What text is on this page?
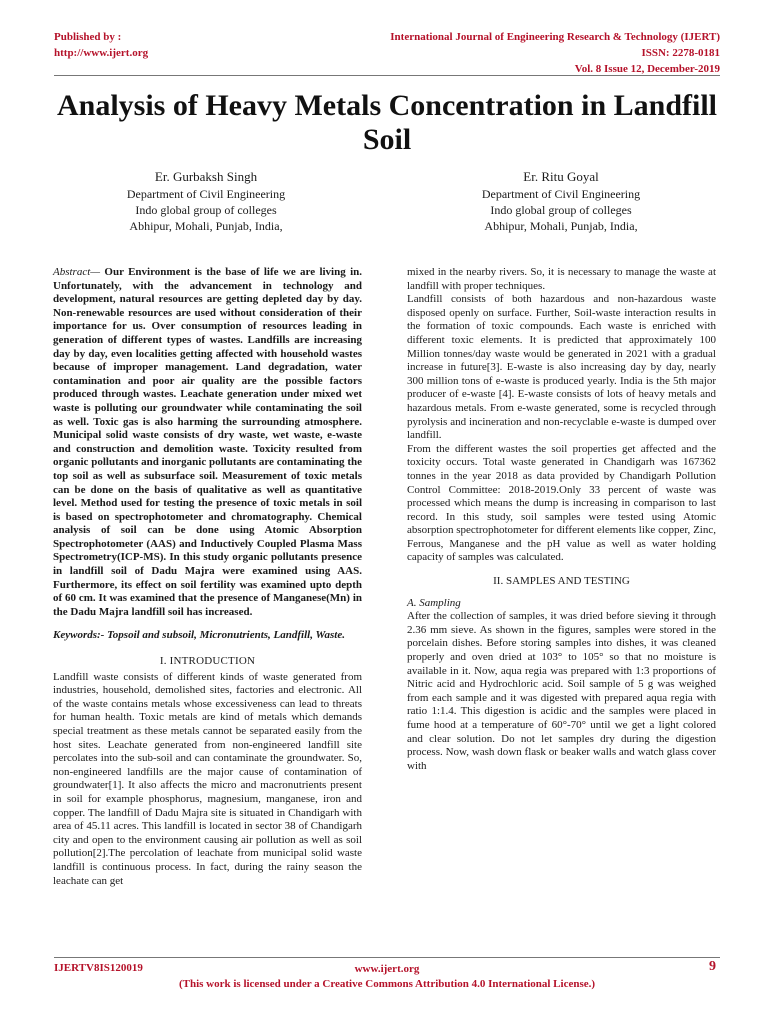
Published by :
http://www.ijert.org
International Journal of Engineering Research & Technology (IJERT)
ISSN: 2278-0181
Vol. 8 Issue 12, December-2019
Analysis of Heavy Metals Concentration in Landfill Soil
Er. Gurbaksh Singh
Department of Civil Engineering
Indo global group of colleges
Abhipur, Mohali, Punjab, India,
Er. Ritu Goyal
Department of Civil Engineering
Indo global group of colleges
Abhipur, Mohali, Punjab, India,

Abstract— Our Environment is the base of life we are living in. Unfortunately, with the advancement in technology and development, natural resources are getting depleted day by day. Non-renewable resources are used without consideration of their importance for us. Over consumption of resources leading in generation of different types of wastes. Landfills are increasing day by day, even localities getting affected with household wastes because of improper management. Land degradation, water contamination and poor air quality are the possible factors produced through wastes. Leachate generation under mixed wet waste is polluting our groundwater while contaminating the soil as well. Toxic gas is also harming the surrounding atmosphere. Municipal solid waste consists of dry waste, wet waste, e-waste and construction and demolition waste. Toxicity resulted from organic pollutants and inorganic pollutants are contaminating the top soil as well as subsurface soil. Measurement of toxic metals can be done on the basis of qualitative as well as quantitative level. Method used for testing the presence of toxic metals in soil is based on spectrophotometer and chromatography. Chemical analysis of soil can be done using Atomic Absorption Spectrophotometer (AAS) and Inductively Coupled Plasma Mass Spectrometry(ICP-MS). In this study organic pollutants presence in landfill soil of Dadu Majra were examined using AAS. Furthermore, its effect on soil fertility was examined upto depth of 60 cm. It was examined that the presence of Manganese(Mn) in the Dadu Majra landfill soil has increased.

Keywords:- Topsoil and subsoil, Micronutrients, Landfill, Waste.

I. INTRODUCTION

Landfill waste consists of different kinds of waste generated from industries, household, demolished sites, factories and electronic. All of the waste contains metals whose excessiveness can lead to threats for human health. Toxic metals are kind of metals which demands special treatment as these metals cannot be separated easily from the host sites. Leachate generated from non-engineered landfill site percolates into the sub-soil and can contaminate the groundwater. So, non-engineered landfills are the major cause of contamination of groundwater[1]. It also affects the micro and macronutrients present in soil for example phosphorus, magnesium, manganese, iron and copper. The landfill of Dadu Majra site is situated in Chandigarh with area of 45.11 acres. This landfill is located in sector 38 of Chandigarh city and open to the environment causing air pollution as well as soil pollution[2].The percolation of leachate from municipal solid waste landfill is continuous process. In fact, during the rainy season the leachate can get

mixed in the nearby rivers. So, it is necessary to manage the waste at landfill with proper techniques.

Landfill consists of both hazardous and non-hazardous waste disposed openly on surface. Further, Soil-waste interaction results in the formation of toxic compounds. Each waste is enriched with different toxic elements. It is predicted that approximately 100 Million tonnes/day waste would be generated in 2021 with a gradual increase in future[3]. E-waste is also increasing day by day, nearly 300 million tons of e-waste is produced yearly. India is the 5th major producer of e-waste [4]. E-waste consists of lots of heavy metals and hazardous metals. From e-waste generated, some is recycled through pyrolysis and incineration and non-recyclable e-waste is dumped over landfill.

From the different wastes the soil properties get affected and the toxicity occurs. Total waste generated in Chandigarh was 167362 tonnes in the year 2018 as data provided by Chandigarh Pollution Control Committee: 2018-2019.Only 33 percent of waste was processed which means the dump is increasing in comparison to last record. In this study, soil samples were tested using Atomic absorption spectrophotometer for different elements like copper, Zinc, Ferrous, Manganese and the pH value as well as water holding capacity of samples was calculated.

II. SAMPLES AND TESTING

A. Sampling

After the collection of samples, it was dried before sieving it through 2.36 mm sieve. As shown in the figures, samples were stored in the porcelain dishes. Before storing samples into dishes, it was cleaned properly and oven dried at 103° to 105° so that no moisture is available in it. Now, aqua regia was prepared with 1:3 proportions of Nitric acid and Hydrochloric acid. Soil sample of 5 g was weighed from each sample and it was digested with prepared aqua regia with ratio 1:1.4. This digestion is acidic and the samples were placed in fume hood at a temperature of 60°-70° until we get a light colored and clear solution. Do not let samples dry during the digestion process. Now, wash down flask or beaker walls and watch glass cover with

IJERTV8IS120019	www.ijert.org
(This work is licensed under a Creative Commons Attribution 4.0 International License.)
9
